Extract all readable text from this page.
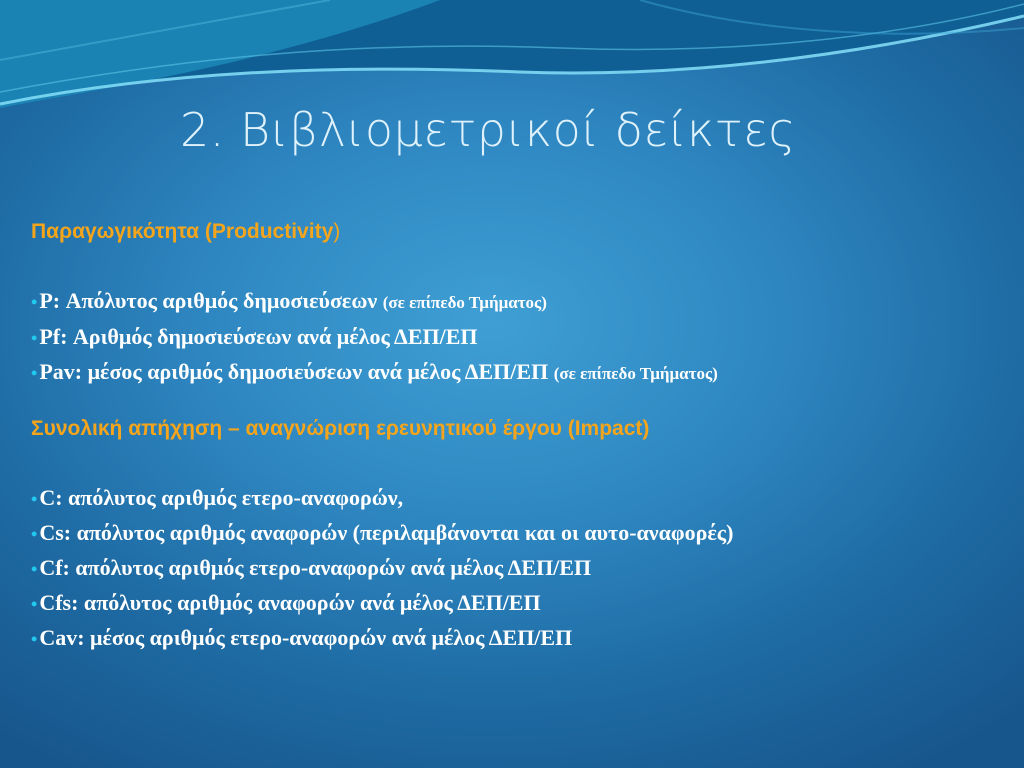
2. Βιβλιομετρικοί δείκτες
Παραγωγικότητα (Productivity)
•P: Απόλυτος αριθμός δημοσιεύσεων (σε επίπεδο Τμήματος)
•Pf: Αριθμός δημοσιεύσεων ανά μέλος ΔΕΠ/ΕΠ
•Pav: μέσος αριθμός δημοσιεύσεων ανά μέλος ΔΕΠ/ΕΠ (σε επίπεδο Τμήματος)
Συνολική απήχηση – αναγνώριση ερευνητικού έργου (Impact)
•C: απόλυτος αριθμός ετερο-αναφορών,
•Cs: απόλυτος αριθμός αναφορών (περιλαμβάνονται και οι αυτο-αναφορές)
•Cf: απόλυτος αριθμός ετερο-αναφορών ανά μέλος ΔΕΠ/ΕΠ
•Cfs: απόλυτος αριθμός αναφορών ανά μέλος ΔΕΠ/ΕΠ
•Cav: μέσος αριθμός ετερο-αναφορών ανά μέλος ΔΕΠ/ΕΠ
